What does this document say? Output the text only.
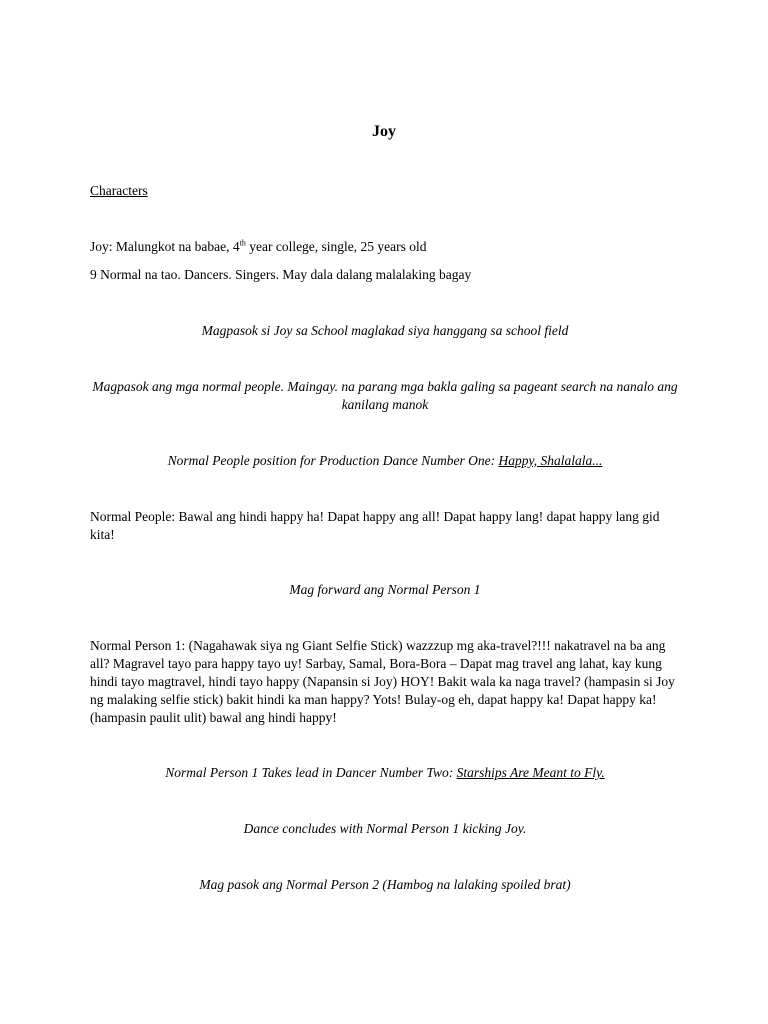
Joy

Characters

Joy: Malungkot na babae, 4th year college, single, 25 years old

9 Normal na tao. Dancers. Singers. May dala dalang malalaking bagay

Magpasok si Joy sa School maglakad siya hanggang sa school field

Magpasok ang mga normal people. Maingay. na parang mga bakla galing sa pageant search na nanalo ang kanilang manok

Normal People position for Production Dance Number One: Happy, Shalalala...

Normal People: Bawal ang hindi happy ha! Dapat happy ang all! Dapat happy lang! dapat happy lang gid kita!

Mag forward ang Normal Person 1

Normal Person 1: (Nagahawak siya ng Giant Selfie Stick) wazzzup mg aka-travel?!!! nakatravel na ba ang all? Magravel tayo para happy tayo uy! Sarbay, Samal, Bora-Bora – Dapat mag travel ang lahat, kay kung hindi tayo magtravel, hindi tayo happy (Napansin si Joy) HOY! Bakit wala ka naga travel? (hampasin si Joy ng malaking selfie stick) bakit hindi ka man happy? Yots! Bulay-og eh, dapat happy ka! Dapat happy ka! (hampasin paulit ulit) bawal ang hindi happy!

Normal Person 1 Takes lead in Dancer Number Two: Starships Are Meant to Fly.

Dance concludes with Normal Person 1 kicking Joy.

Mag pasok ang Normal Person 2 (Hambog na lalaking spoiled brat)
